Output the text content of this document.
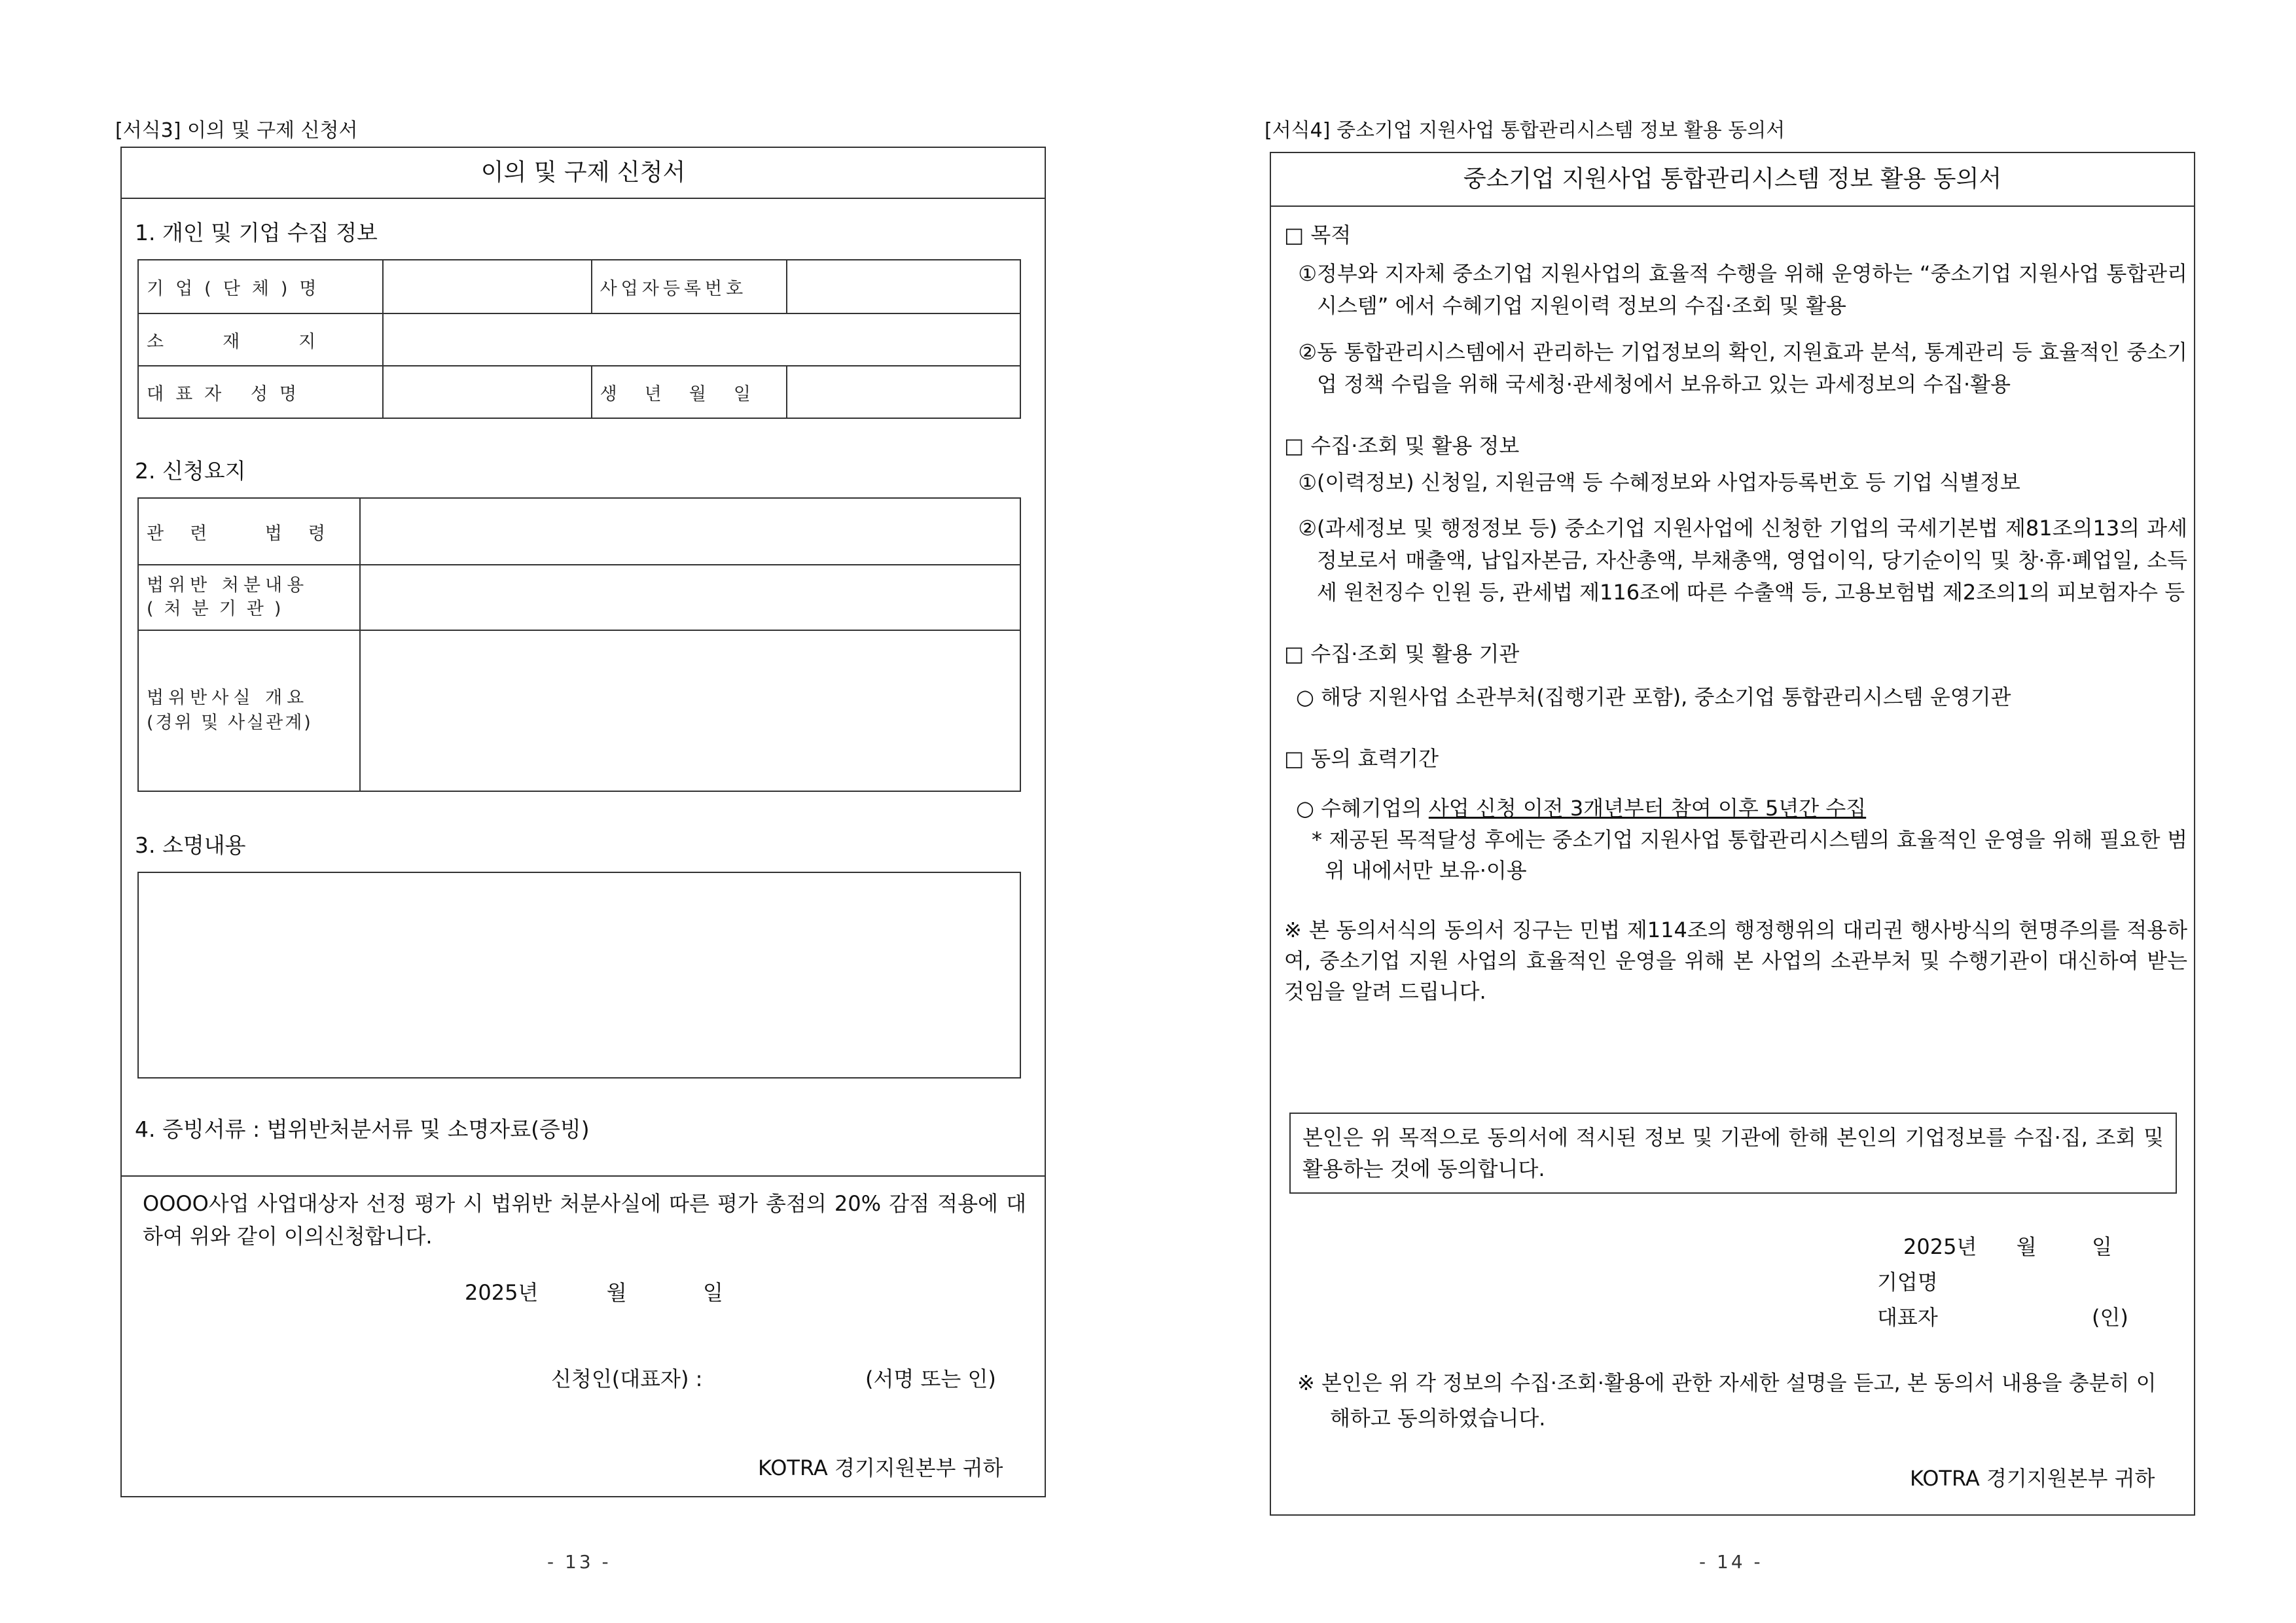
[서식3] 이의 및 구제 신청서
이의 및 구제 신청서
1. 개인 및 기업 수집 정보
기업(단체)명		사업자등록번호	
소재지			
대표자 성명		생년월일	
2. 신청요지
관련 법령	

법위반 처분내용
(처분기관)	

법위반사실 개요
(경위 및 사실관계)	

3. 소명내용
4. 증빙서류 : 법위반처분서류 및 소명자료(증빙)
OOOO사업 사업대상자 선정 평가 시 법위반 처분사실에 따른 평가 총점의 20% 감점 적용에 대하여 위와 같이 이의신청합니다.
2025년	월	일
신청인(대표자) :	(서명 또는 인)
KOTRA 경기지원본부 귀하
- 13 -
[서식4] 중소기업 지원사업 통합관리시스템 정보 활용 동의서
중소기업 지원사업 통합관리시스템 정보 활용 동의서
□ 목적
① 정부와 지자체 중소기업 지원사업의 효율적 수행을 위해 운영하는 “중소기업 지원사업 통합관리 시스템” 에서 수혜기업 지원이력 정보의 수집·조회 및 활용
② 동 통합관리시스템에서 관리하는 기업정보의 확인, 지원효과 분석, 통계관리 등 효율적인 중소기업 정책 수립을 위해 국세청·관세청에서 보유하고 있는 과세정보의 수집·활용
□ 수집·조회 및 활용 정보
① (이력정보) 신청일, 지원금액 등 수혜정보와 사업자등록번호 등 기업 식별정보
② (과세정보 및 행정정보 등) 중소기업 지원사업에 신청한 기업의 국세기본법 제81조의13의 과세정보로서 매출액, 납입자본금, 자산총액, 부채총액, 영업이익, 당기순이익 및 창·휴·폐업일, 소득세 원천징수 인원 등, 관세법 제116조에 따른 수출액 등, 고용보험법 제2조의1의 피보험자수 등
□ 수집·조회 및 활용 기관
○ 해당 지원사업 소관부처(집행기관 포함), 중소기업 통합관리시스템 운영기관
□ 동의 효력기간
○ 수혜기업의 사업 신청 이전 3개년부터 참여 이후 5년간 수집
* 제공된 목적달성 후에는 중소기업 지원사업 통합관리시스템의 효율적인 운영을 위해 필요한 범위 내에서만 보유·이용
※ 본 동의서식의 동의서 징구는 민법 제114조의 행정행위의 대리권 행사방식의 현명주의를 적용하여, 중소기업 지원 사업의 효율적인 운영을 위해 본 사업의 소관부처 및 수행기관이 대신하여 받는 것임을 알려 드립니다.
본인은 위 목적으로 동의서에 적시된 정보 및 기관에 한해 본인의 기업정보를 수집·집, 조회 및 활용하는 것에 동의합니다.
2025년 월	일
기업명
대표자	(인)
※ 본인은 위 각 정보의 수집·조회·활용에 관한 자세한 설명을 듣고, 본 동의서 내용을 충분히 이해하고 동의하였습니다.
KOTRA 경기지원본부 귀하
- 14 -
